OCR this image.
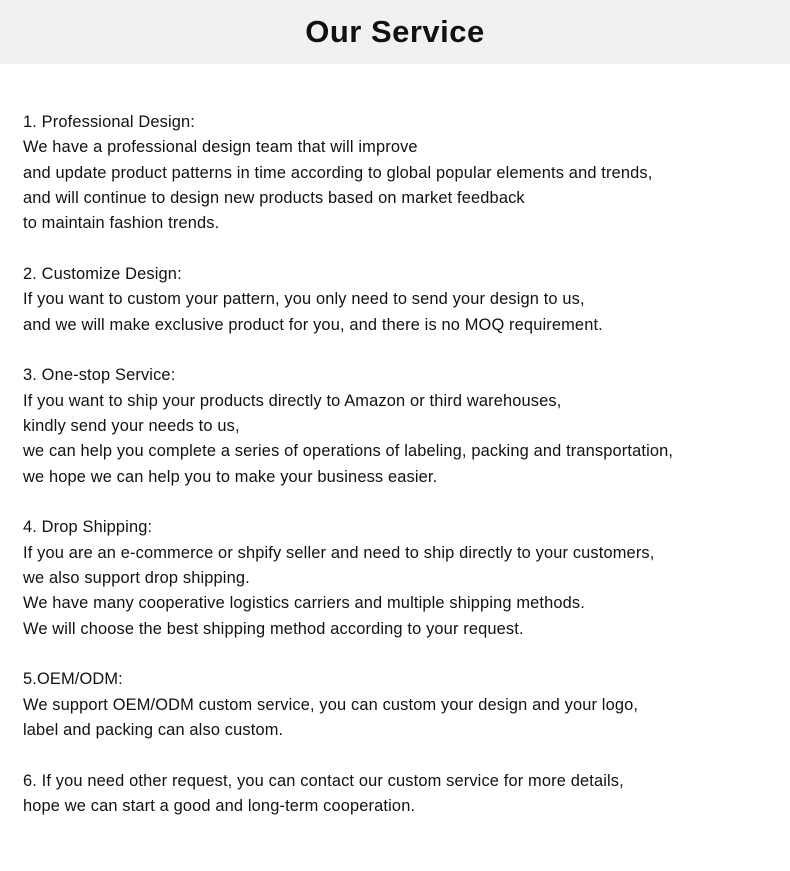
Our Service
1. Professional Design:
We have a professional design team that will improve
and update product patterns in time according to global popular elements and trends,
and will continue to design new products based on market feedback
to maintain fashion trends.
2. Customize Design:
If you want to custom your pattern, you only need to send your design to us,
and we will make exclusive product for you, and there is no MOQ requirement.
3. One-stop Service:
If you want to ship your products directly to Amazon or third warehouses,
kindly send your needs to us,
we can help you complete a series of operations of labeling, packing and transportation,
we hope we can help you to make your business easier.
4. Drop Shipping:
If you are an e-commerce or shpify seller and need to ship directly to your customers,
we also support drop shipping.
We have many cooperative logistics carriers and multiple shipping methods.
We will choose the best shipping method according to your request.
5.OEM/ODM:
We support OEM/ODM custom service, you can custom your design and your logo,
label and packing can also custom.
6. If you need other request, you can contact our custom service for more details,
hope we can start a good and long-term cooperation.
